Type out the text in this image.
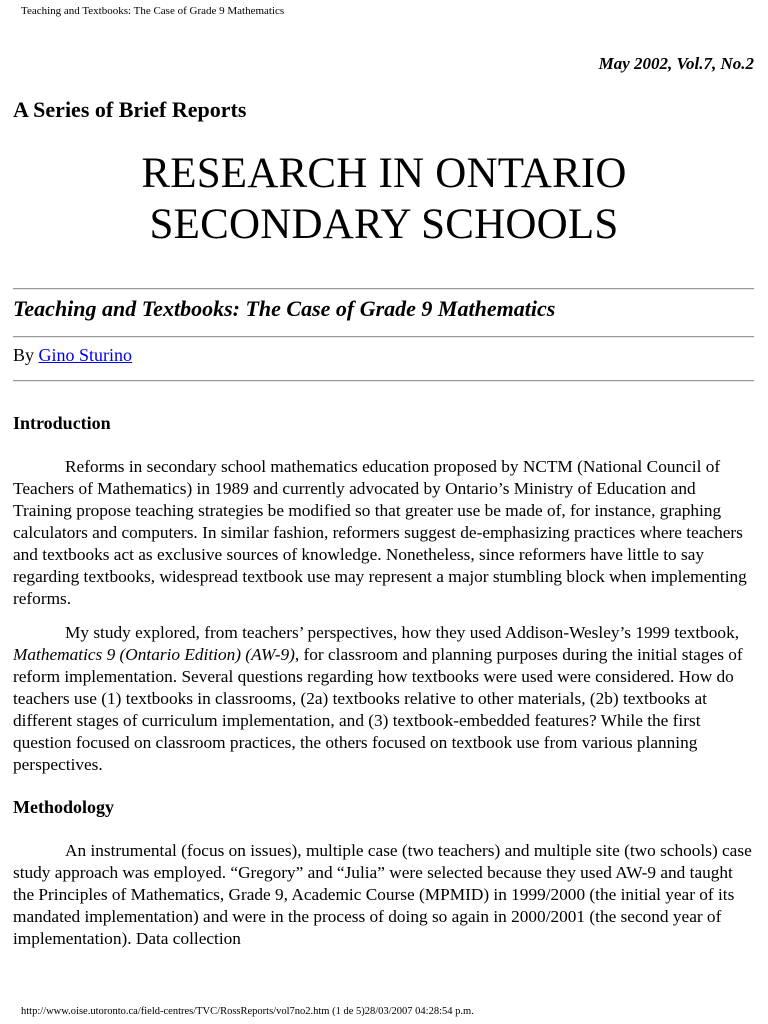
Teaching and Textbooks: The Case of Grade 9 Mathematics
May 2002, Vol.7, No.2
A Series of Brief Reports
RESEARCH IN ONTARIO
SECONDARY SCHOOLS
Teaching and Textbooks: The Case of Grade 9 Mathematics
By Gino Sturino
Introduction

Reforms in secondary school mathematics education proposed by NCTM (National Council of Teachers of Mathematics) in 1989 and currently advocated by Ontario’s Ministry of Education and Training propose teaching strategies be modified so that greater use be made of, for instance, graphing calculators and computers. In similar fashion, reformers suggest de-emphasizing practices where teachers and textbooks act as exclusive sources of knowledge. Nonetheless, since reformers have little to say regarding textbooks, widespread textbook use may represent a major stumbling block when implementing reforms.

My study explored, from teachers’ perspectives, how they used Addison-Wesley’s 1999 textbook, Mathematics 9 (Ontario Edition) (AW-9), for classroom and planning purposes during the initial stages of reform implementation. Several questions regarding how textbooks were used were considered. How do teachers use (1) textbooks in classrooms, (2a) textbooks relative to other materials, (2b) textbooks at different stages of curriculum implementation, and (3) textbook-embedded features? While the first question focused on classroom practices, the others focused on textbook use from various planning perspectives.

Methodology

An instrumental (focus on issues), multiple case (two teachers) and multiple site (two schools) case study approach was employed. “Gregory” and “Julia” were selected because they used AW-9 and taught the Principles of Mathematics, Grade 9, Academic Course (MPMID) in 1999/2000 (the initial year of its mandated implementation) and were in the process of doing so again in 2000/2001 (the second year of implementation). Data collection

http://www.oise.utoronto.ca/field-centres/TVC/RossReports/vol7no2.htm (1 de 5)28/03/2007 04:28:54 p.m.
